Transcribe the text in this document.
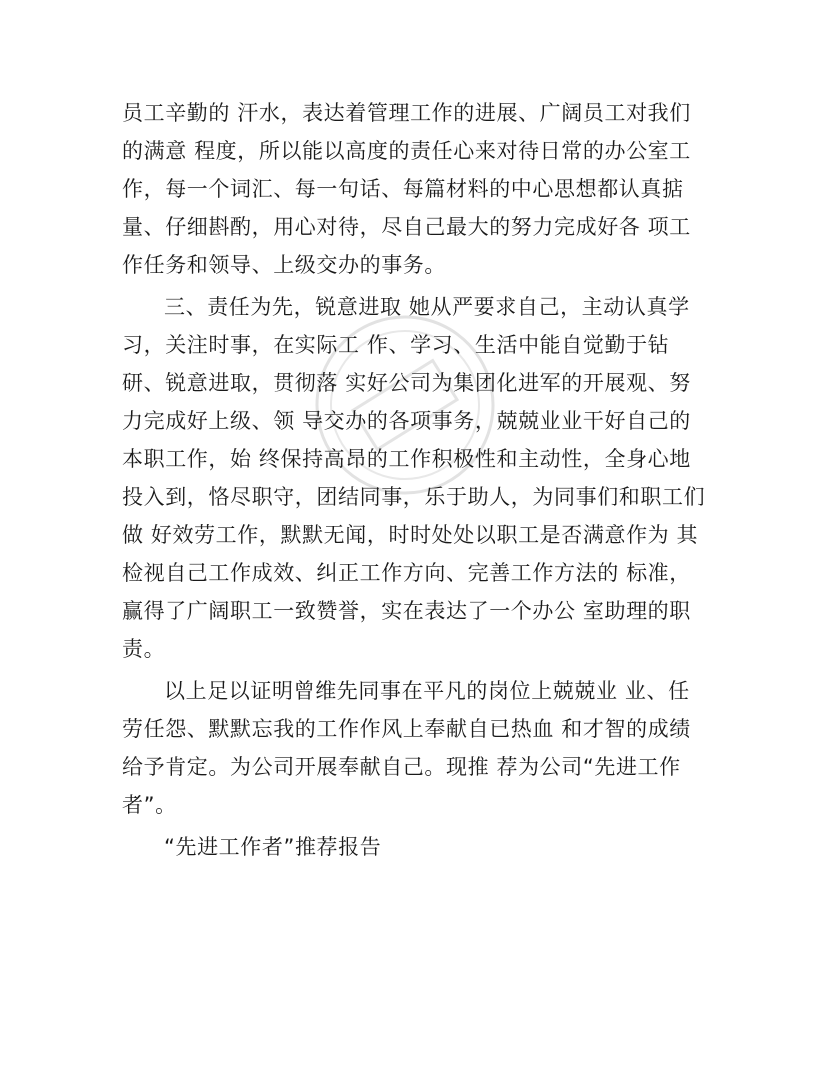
员工辛勤的 汗水，表达着管理工作的进展、广阔员工对我们
的满意 程度，所以能以高度的责任心来对待日常的办公室工
作，每一个词汇、每一句话、每篇材料的中心思想都认真掂
量、仔细斟酌，用心对待，尽自己最大的努力完成好各 项工
作任务和领导、上级交办的事务。
三、责任为先，锐意进取 她从严要求自己，主动认真学
习，关注时事，在实际工 作、学习、生活中能自觉勤于钻
研、锐意进取，贯彻落 实好公司为集团化进军的开展观、努
力完成好上级、领 导交办的各项事务，兢兢业业干好自己的
本职工作，始 终保持高昂的工作积极性和主动性，全身心地
投入到，恪尽职守，团结同事，乐于助人，为同事们和职工们
做 好效劳工作，默默无闻，时时处处以职工是否满意作为 其
检视自己工作成效、纠正工作方向、完善工作方法的 标准，
赢得了广阔职工一致赞誉，实在表达了一个办公 室助理的职
责。
以上足以证明曾维先同事在平凡的岗位上兢兢业 业、任
劳任怨、默默忘我的工作作风上奉献自已热血 和才智的成绩
给予肯定。为公司开展奉献自己。现推 荐为公司“先进工作
者”。
“先进工作者”推荐报告
